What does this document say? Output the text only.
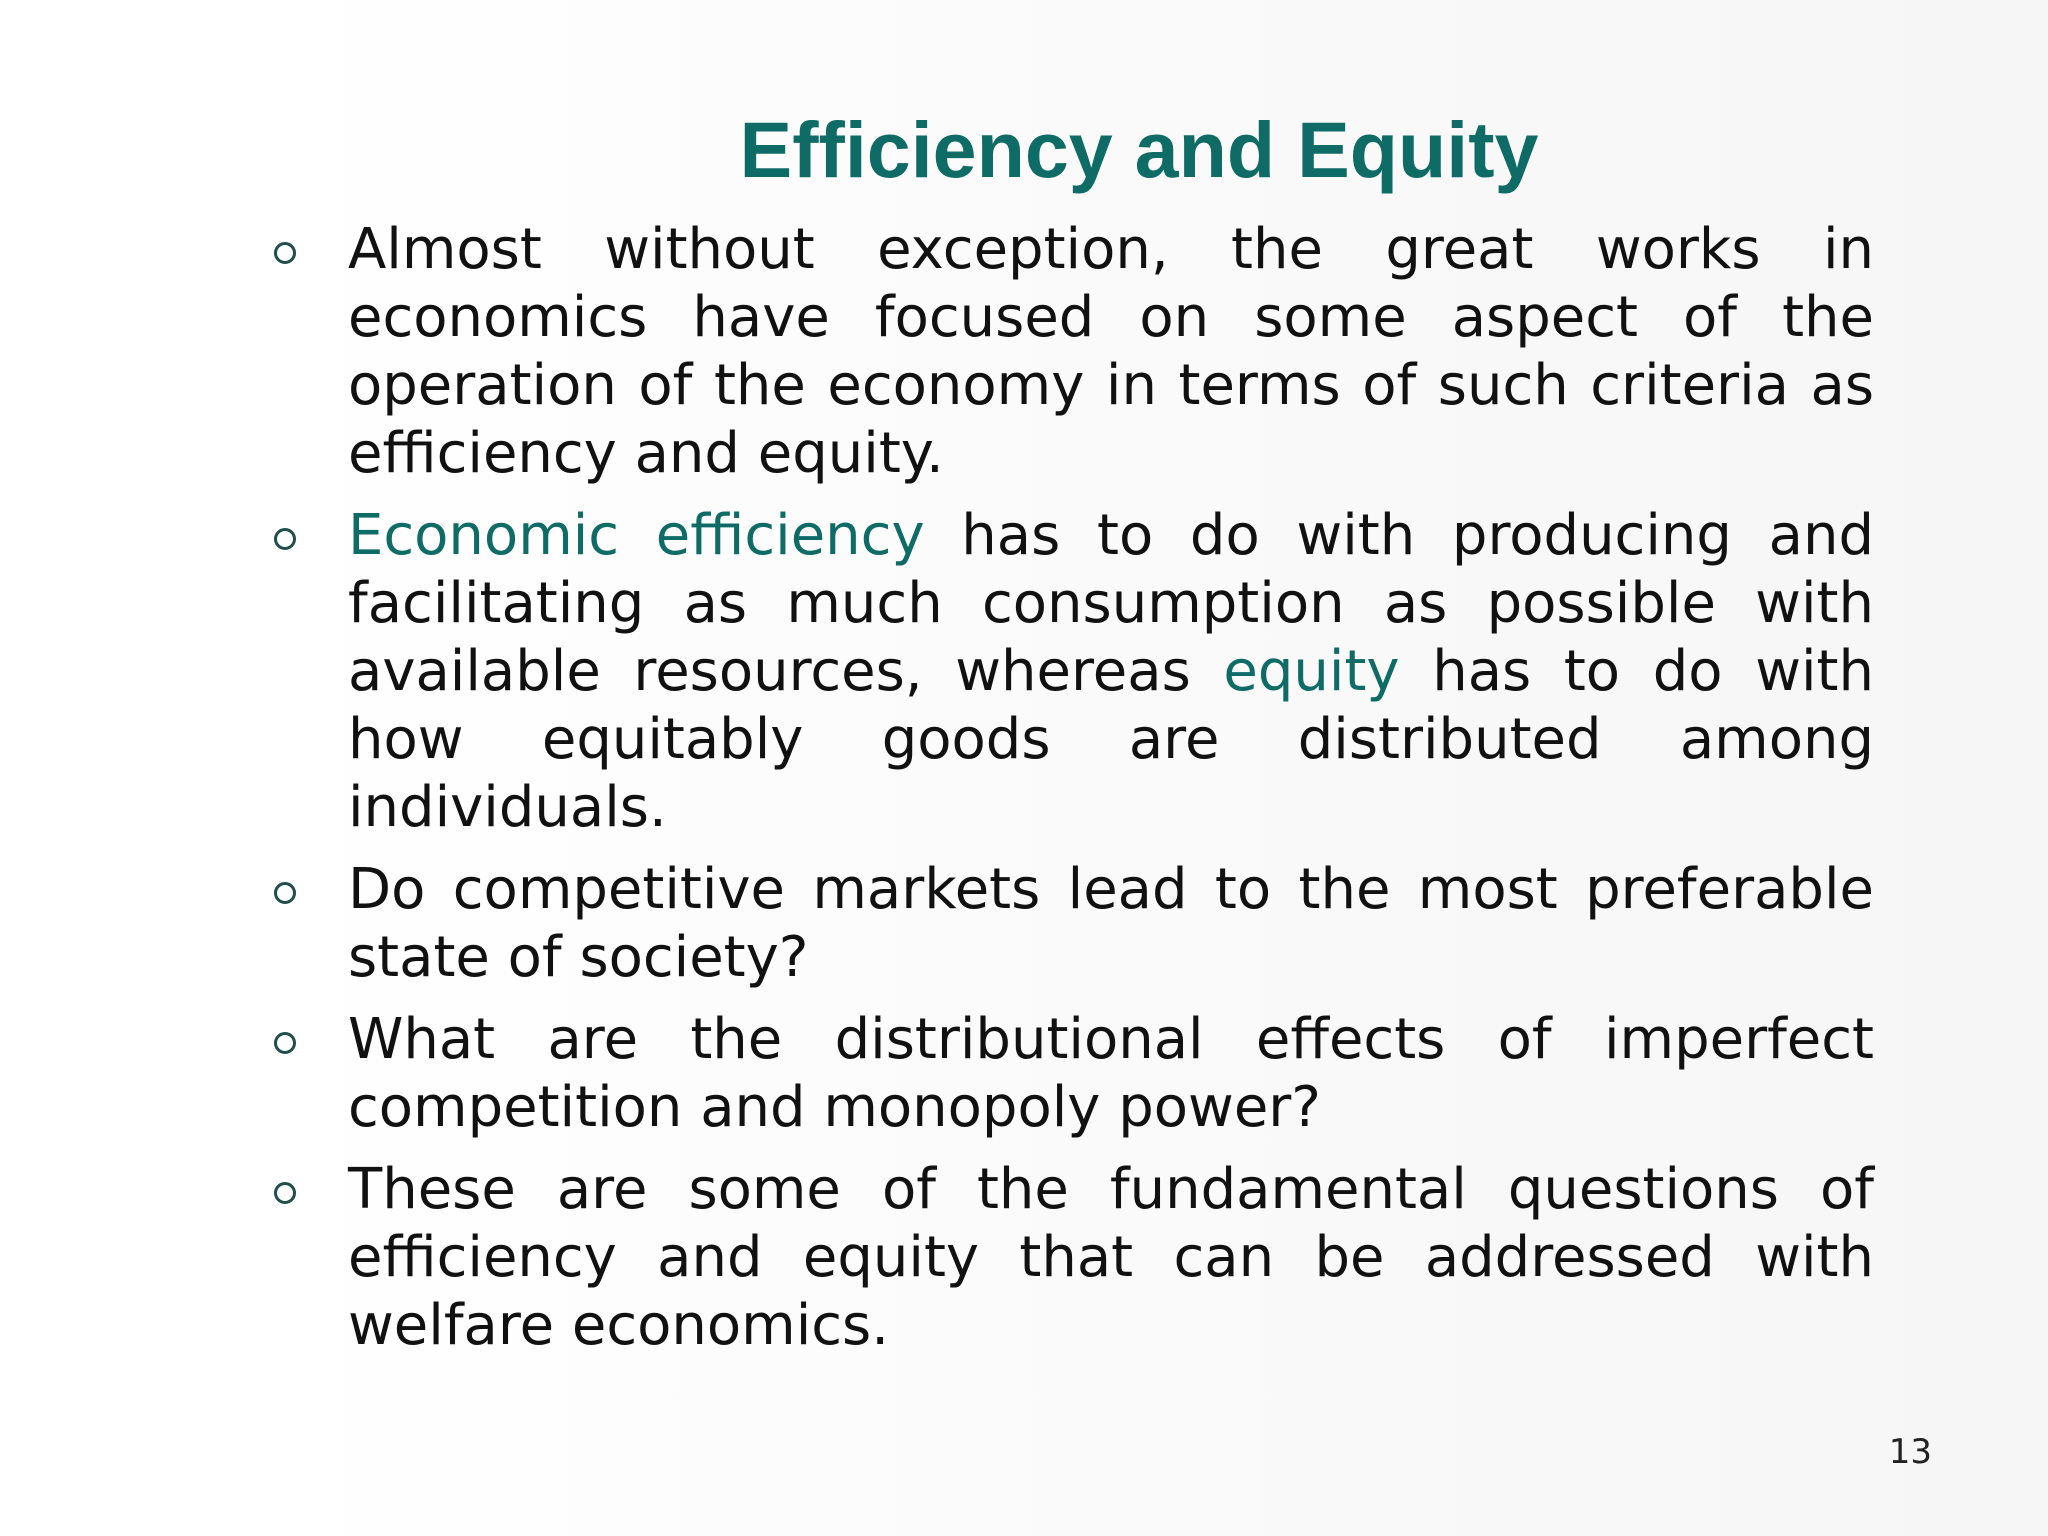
Efficiency and Equity
Almost without exception, the great works in economics have focused on some aspect of the operation of the economy in terms of such criteria as efficiency and equity.
Economic efficiency has to do with producing and facilitating as much consumption as possible with available resources, whereas equity has to do with how equitably goods are distributed among individuals.
Do competitive markets lead to the most preferable state of society?
What are the distributional effects of imperfect competition and monopoly power?
These are some of the fundamental questions of efficiency and equity that can be addressed with welfare economics.
13
